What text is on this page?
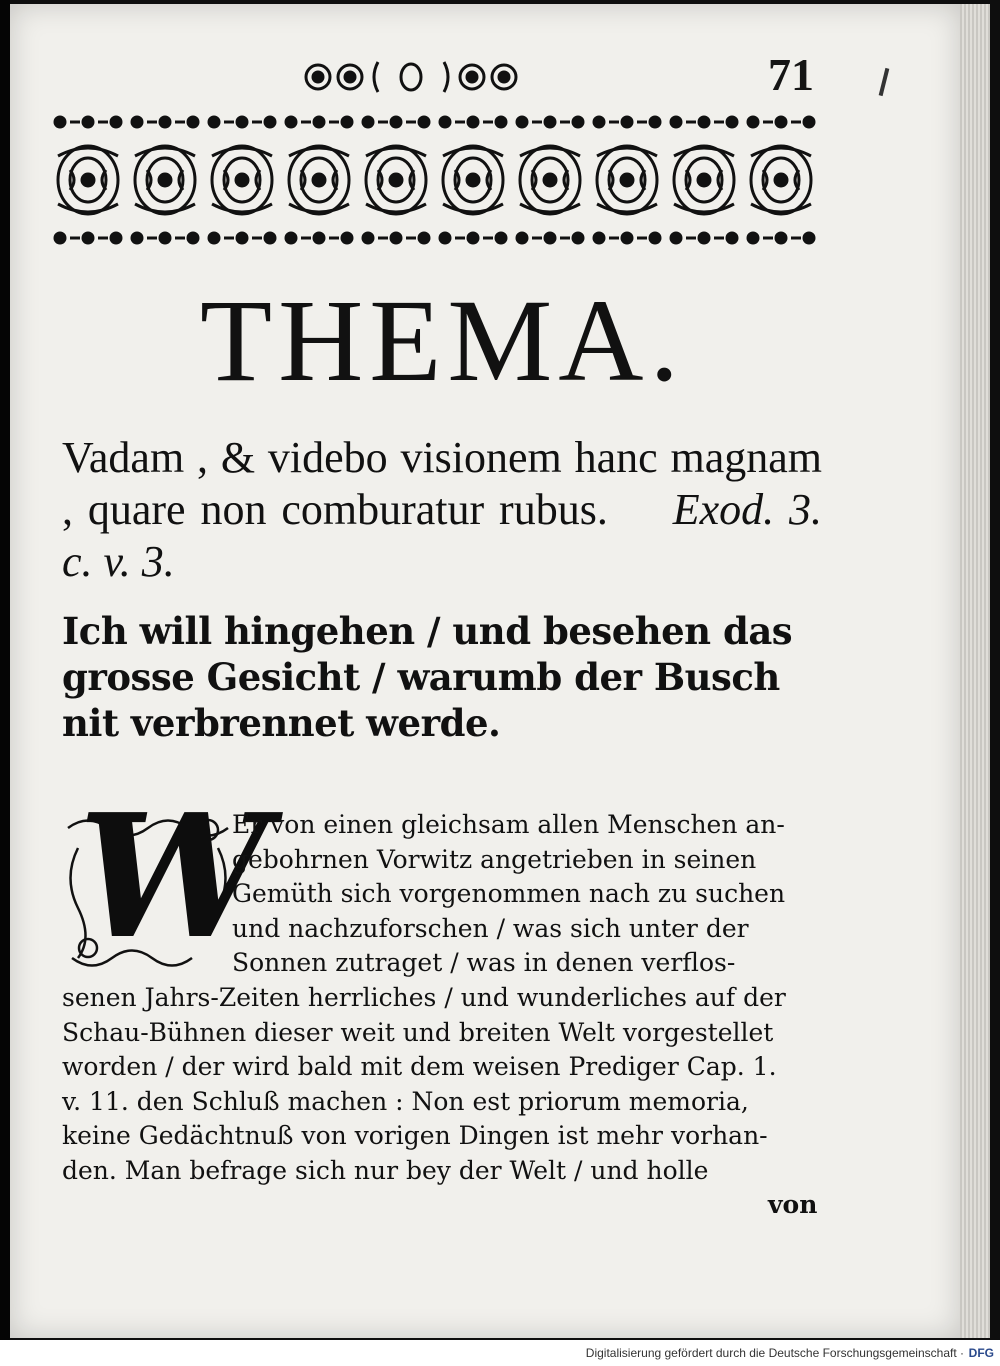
71
THEMA.

Vadam , & videbo visionem hanc magnam , quare non comburatur rubus. Exod. 3. c. v. 3.

Ich will hingehen / und besehen das grosse Gesicht / warumb der Busch nit verbrennet werde.

W
Er von einen gleichsam allen Menschen an-
gebohrnen Vorwitz angetrieben in seinen
Gemüth sich vorgenommen nach zu suchen
und nachzuforschen / was sich unter der
Sonnen zutraget / was in denen verflos-
senen Jahrs-Zeiten herrliches / und wunderliches auf der
Schau-Bühnen dieser weit und breiten Welt vorgestellet
worden / der wird bald mit dem weisen Prediger Cap. 1.
v. 11. den Schluß machen : Non est priorum memoria,
keine Gedächtnuß von vorigen Dingen ist mehr vorhan-
den. Man befrage sich nur bey der Welt / und holle
von
Digitalisierung gefördert durch die Deutsche Forschungsgemeinschaft · DFG
